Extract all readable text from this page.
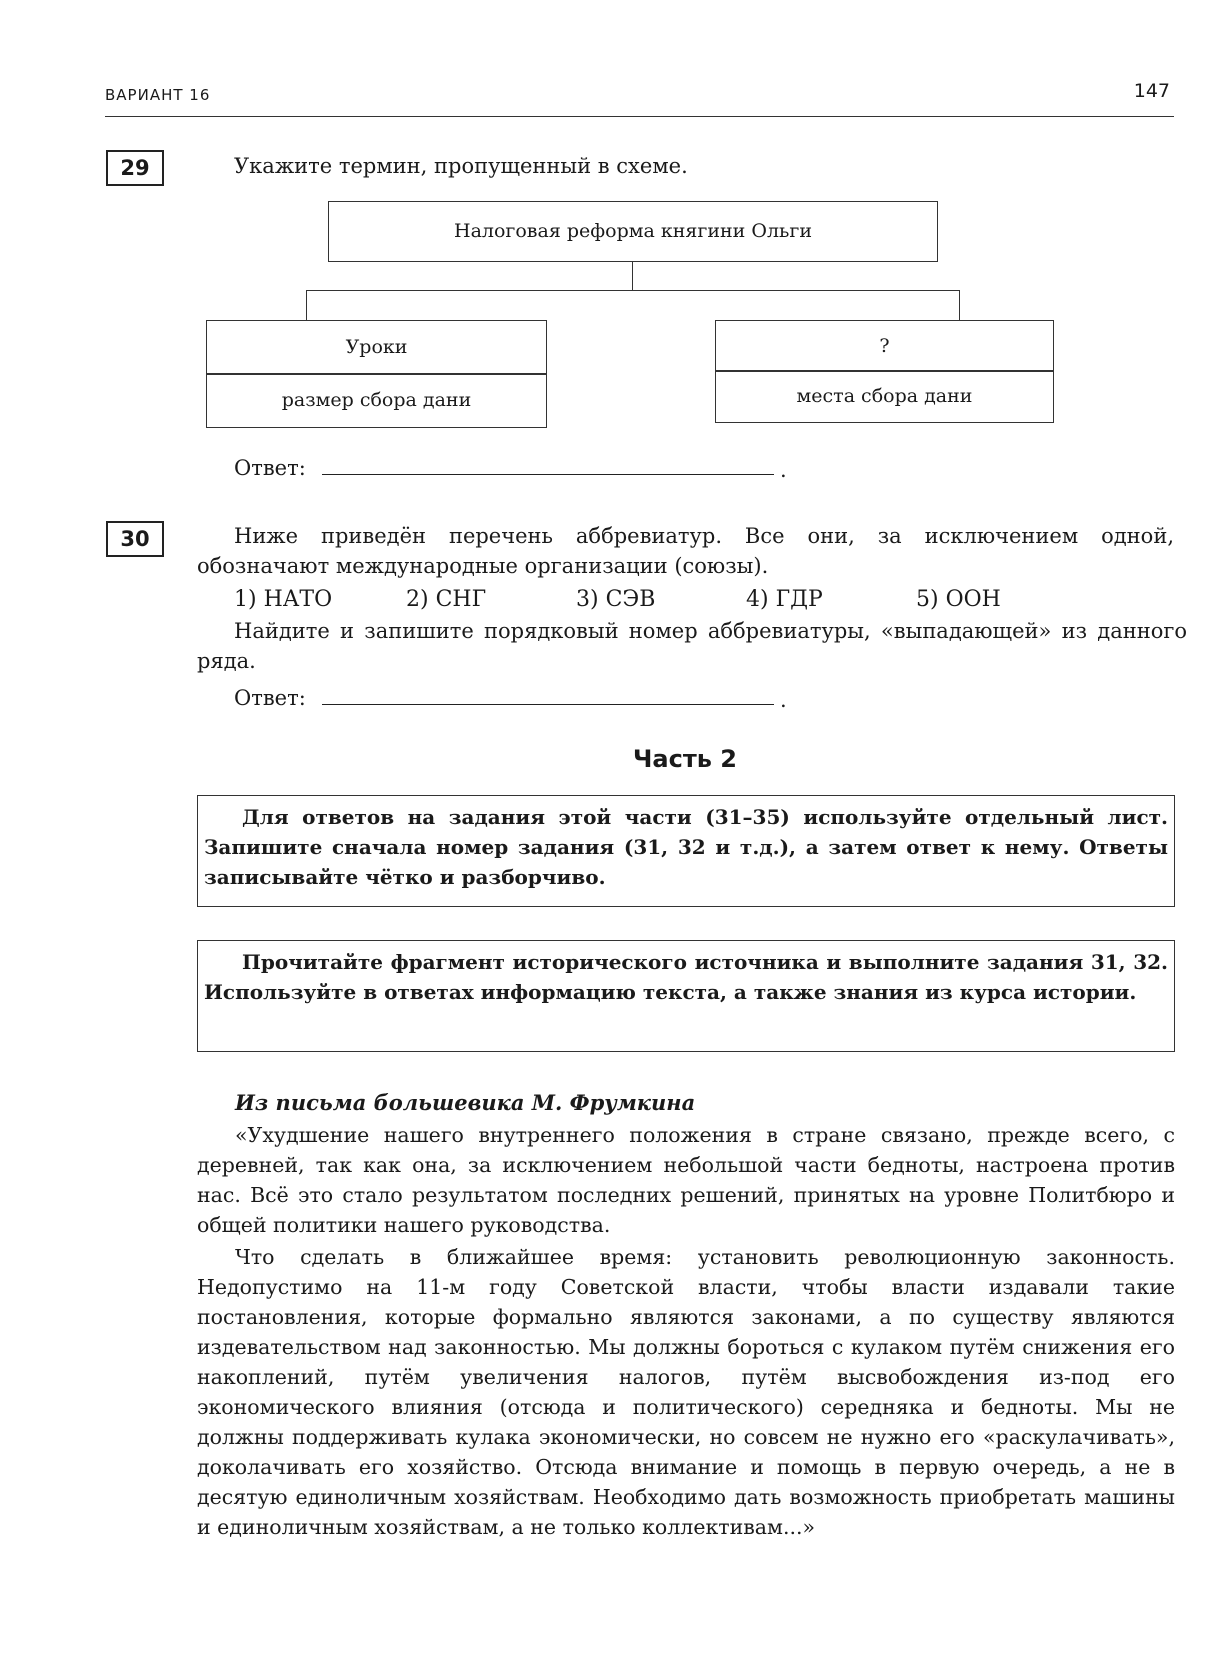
ВАРИАНТ 16	147
29	Укажите термин, пропущенный в схеме.
Налоговая реформа княгини Ольги
Уроки
размер сбора дани
?
места сбора дани
Ответ:	.
30	Ниже приведён перечень аббревиатур. Все они, за исключением одной, обозначают международные организации (союзы).
1) НАТО	2) СНГ	3) СЭВ	4) ГДР	5) ООН
Найдите и запишите порядковый номер аббревиатуры, «выпадающей» из данного ряда.
Ответ:	.
Часть 2
Для ответов на задания этой части (31–35) используйте отдельный лист. Запишите сначала номер задания (31, 32 и т.д.), а затем ответ к нему. Ответы записывайте чётко и разборчиво.
Прочитайте фрагмент исторического источника и выполните задания 31, 32. Используйте в ответах информацию текста, а также знания из курса истории.
Из письма большевика М. Фрумкина

«Ухудшение нашего внутреннего положения в стране связано, прежде всего, с деревней, так как она, за исключением небольшой части бедноты, настроена против нас. Всё это стало результатом последних решений, принятых на уровне Политбюро и общей политики нашего руководства.

Что сделать в ближайшее время: установить революционную законность. Недопустимо на 11-м году Советской власти, чтобы власти издавали такие постановления, которые формально являются законами, а по существу являются издевательством над законностью. Мы должны бороться с кулаком путём снижения его накоплений, путём увеличения налогов, путём высвобождения из-под его экономического влияния (отсюда и политического) середняка и бедноты. Мы не должны поддерживать кулака экономически, но совсем не нужно его «раскулачивать», доколачивать его хозяйство. Отсюда внимание и помощь в первую очередь, а не в десятую единоличным хозяйствам. Необходимо дать возможность приобретать машины и единоличным хозяйствам, а не только коллективам...»
